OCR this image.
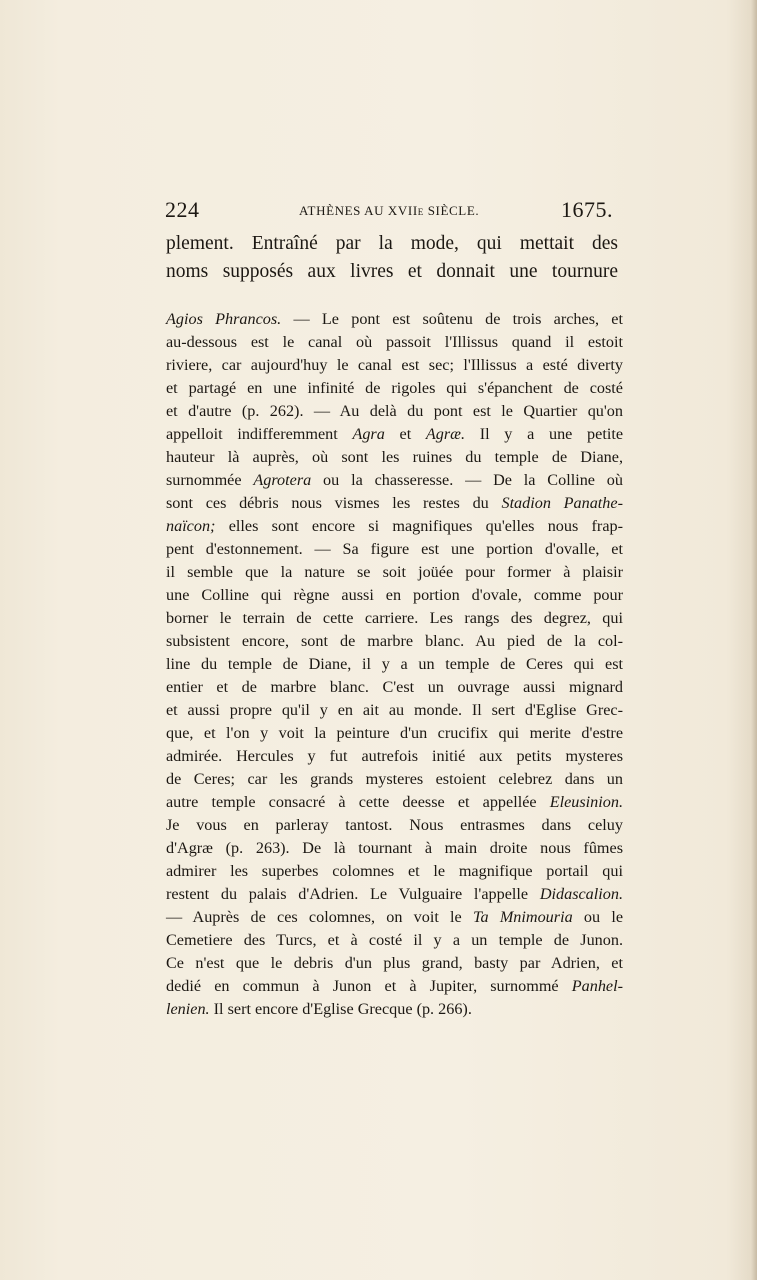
224	ATHÈNES AU XVIIe SIÈCLE.	1675.

plement. Entraîné par la mode, qui mettait des

noms supposés aux livres et donnait une tournure

Agios Phrancos. — Le pont est soûtenu de trois arches, et
au-dessous est le canal où passoit l'Illissus quand il estoit
riviere, car aujourd'huy le canal est sec; l'Illissus a esté diverty
et partagé en une infinité de rigoles qui s'épanchent de costé
et d'autre (p. 262). — Au delà du pont est le Quartier qu'on
appelloit indifferemment Agra et Agræ. Il y a une petite
hauteur là auprès, où sont les ruines du temple de Diane,
surnommée Agrotera ou la chasseresse. — De la Colline où
sont ces débris nous vismes les restes du Stadion Panathe-
naïcon; elles sont encore si magnifiques qu'elles nous frap-
pent d'estonnement. — Sa figure est une portion d'ovalle, et
il semble que la nature se soit joüée pour former à plaisir
une Colline qui règne aussi en portion d'ovale, comme pour
borner le terrain de cette carriere. Les rangs des degrez, qui
subsistent encore, sont de marbre blanc. Au pied de la col-
line du temple de Diane, il y a un temple de Ceres qui est
entier et de marbre blanc. C'est un ouvrage aussi mignard
et aussi propre qu'il y en ait au monde. Il sert d'Eglise Grec-
que, et l'on y voit la peinture d'un crucifix qui merite d'estre
admirée. Hercules y fut autrefois initié aux petits mysteres
de Ceres; car les grands mysteres estoient celebrez dans un
autre temple consacré à cette deesse et appellée Eleusinion.
Je vous en parleray tantost. Nous entrasmes dans celuy
d'Agræ (p. 263). De là tournant à main droite nous fûmes
admirer les superbes colomnes et le magnifique portail qui
restent du palais d'Adrien. Le Vulguaire l'appelle Didascalion.
— Auprès de ces colomnes, on voit le Ta Mnimouria ou le
Cemetiere des Turcs, et à costé il y a un temple de Junon.
Ce n'est que le debris d'un plus grand, basty par Adrien, et
dedié en commun à Junon et à Jupiter, surnommé Panhel-
lenien. Il sert encore d'Eglise Grecque (p. 266).
